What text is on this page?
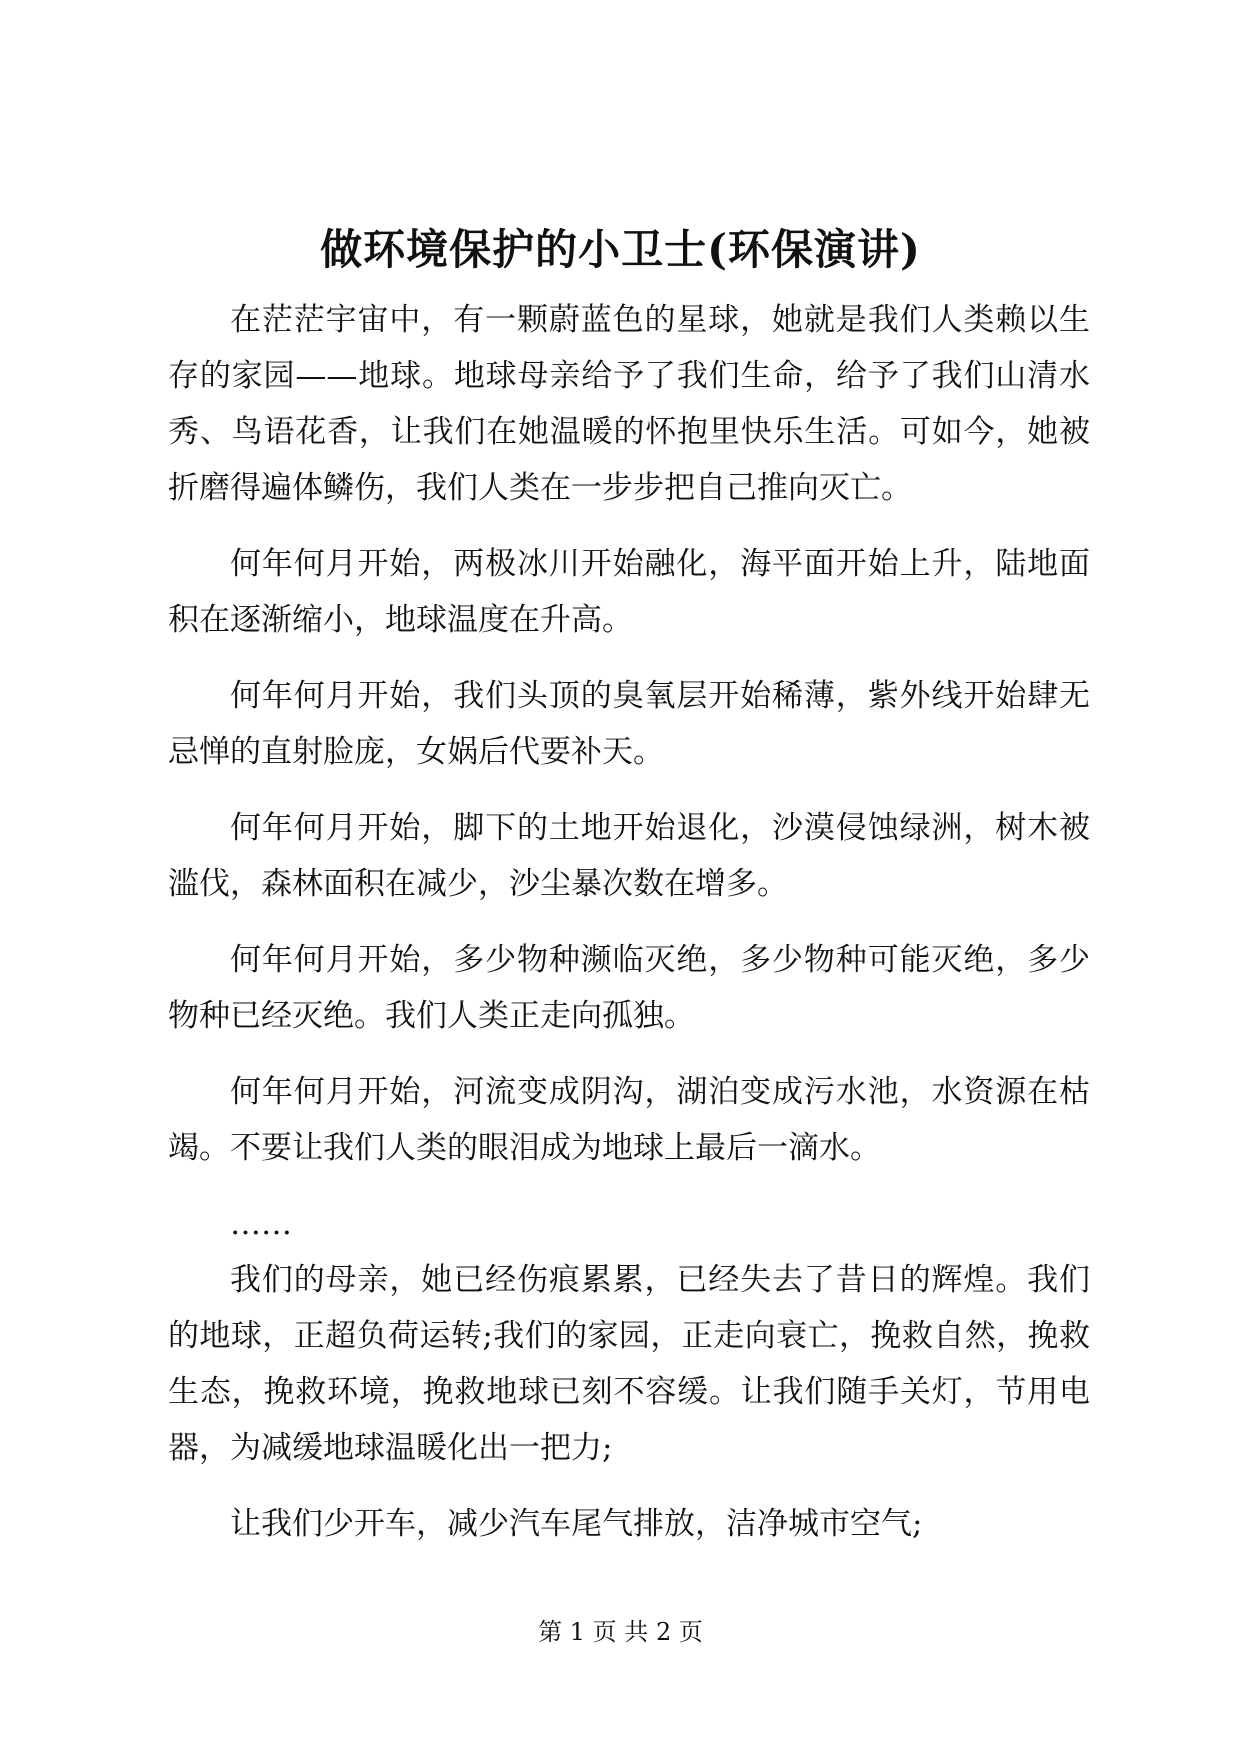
做环境保护的小卫士(环保演讲)

在茫茫宇宙中，有一颗蔚蓝色的星球，她就是我们人类赖以生存的家园——地球。地球母亲给予了我们生命，给予了我们山清水秀、鸟语花香，让我们在她温暖的怀抱里快乐生活。可如今，她被折磨得遍体鳞伤，我们人类在一步步把自己推向灭亡。

何年何月开始，两极冰川开始融化，海平面开始上升，陆地面积在逐渐缩小，地球温度在升高。

何年何月开始，我们头顶的臭氧层开始稀薄，紫外线开始肆无忌惮的直射脸庞，女娲后代要补天。

何年何月开始，脚下的土地开始退化，沙漠侵蚀绿洲，树木被滥伐，森林面积在减少，沙尘暴次数在增多。

何年何月开始，多少物种濒临灭绝，多少物种可能灭绝，多少物种已经灭绝。我们人类正走向孤独。

何年何月开始，河流变成阴沟，湖泊变成污水池，水资源在枯竭。不要让我们人类的眼泪成为地球上最后一滴水。

……

我们的母亲，她已经伤痕累累，已经失去了昔日的辉煌。我们的地球，正超负荷运转;我们的家园，正走向衰亡，挽救自然，挽救生态，挽救环境，挽救地球已刻不容缓。让我们随手关灯，节用电器，为减缓地球温暖化出一把力;

让我们少开车，减少汽车尾气排放，洁净城市空气;

第 1 页 共 2 页
